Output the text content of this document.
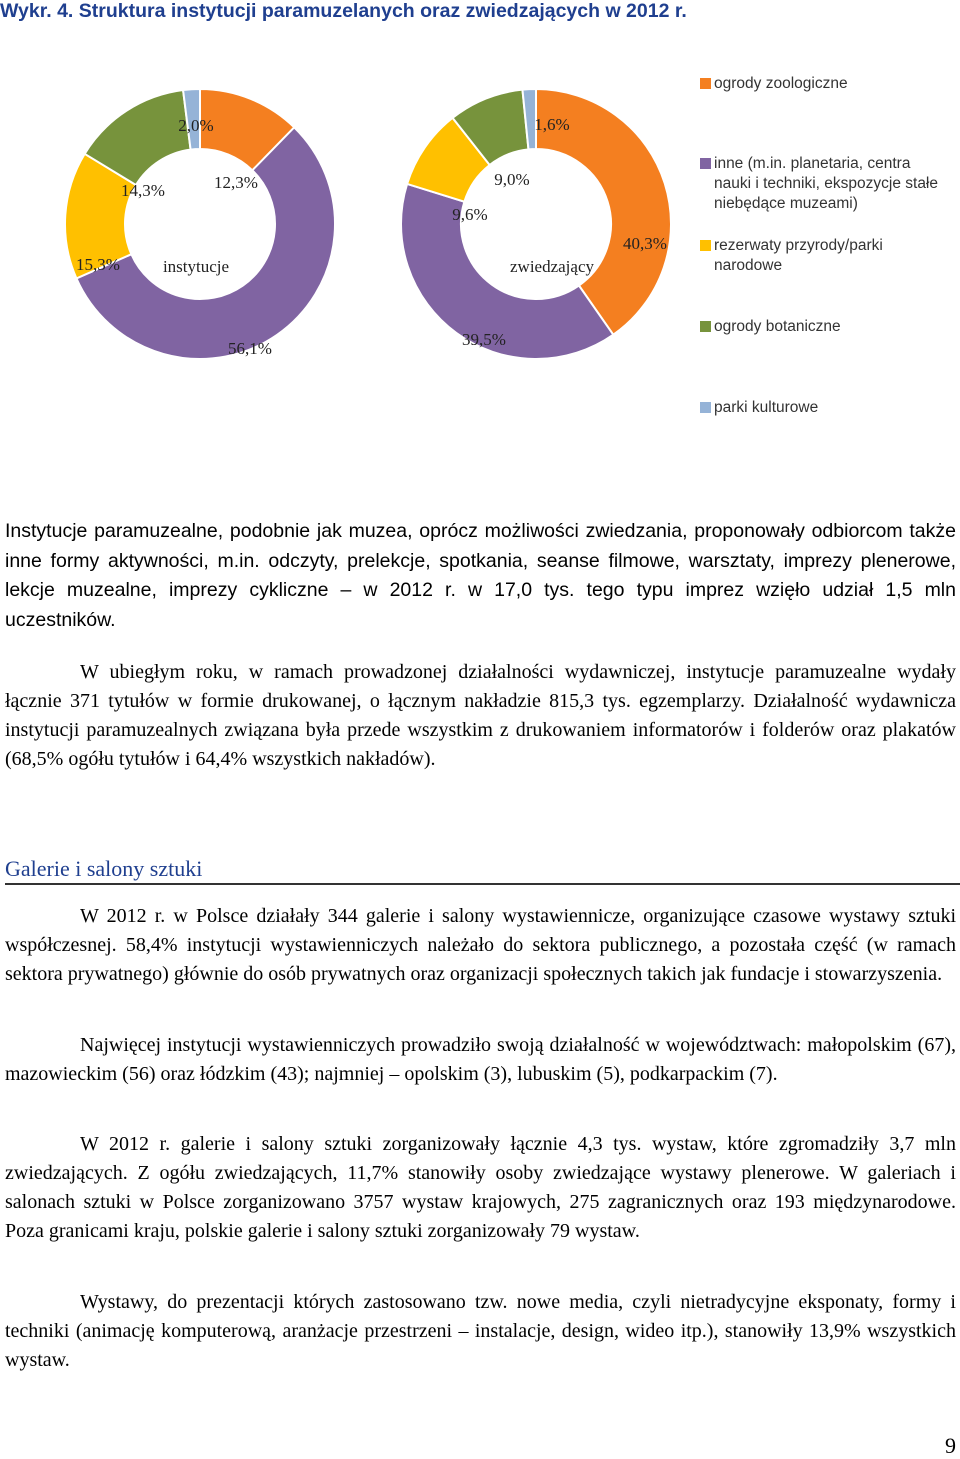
Wykr. 4. Struktura instytucji paramuzelanych oraz zwiedzających w 2012 r.
12,3%
56,1%
15,3%
14,3%
2,0%
instytucje
40,3%
39,5%
9,6%
9,0%
1,6%
zwiedzający
ogrody zoologiczne
inne (m.in. planetaria, centra nauki i techniki, ekspozycje stałe niebędące muzeami)
rezerwaty przyrody/parki narodowe
ogrody botaniczne
parki kulturowe

Instytucje paramuzealne, podobnie jak muzea, oprócz możliwości zwiedzania, proponowały odbiorcom także inne formy aktywności, m.in. odczyty, prelekcje, spotkania, seanse filmowe, warsztaty, imprezy plenerowe, lekcje muzealne, imprezy cykliczne – w 2012 r. w 17,0 tys. tego typu imprez wzięło udział 1,5 mln uczestników.

W ubiegłym roku, w ramach prowadzonej działalności wydawniczej, instytucje paramuzealne wydały łącznie 371 tytułów w formie drukowanej, o łącznym nakładzie 815,3 tys. egzemplarzy. Działalność wydawnicza instytucji paramuzealnych związana była przede wszystkim z drukowaniem informatorów i folderów oraz plakatów (68,5% ogółu tytułów i 64,4% wszystkich nakładów).

Galerie i salony sztuki

W 2012 r. w Polsce działały 344 galerie i salony wystawiennicze, organizujące czasowe wystawy sztuki współczesnej. 58,4% instytucji wystawienniczych należało do sektora publicznego, a pozostała część (w ramach sektora prywatnego) głównie do osób prywatnych oraz organizacji społecznych takich jak fundacje i stowarzyszenia.

Najwięcej instytucji wystawienniczych prowadziło swoją działalność w województwach: małopolskim (67), mazowieckim (56) oraz łódzkim (43); najmniej – opolskim (3), lubuskim (5), podkarpackim (7).

W 2012 r. galerie i salony sztuki zorganizowały łącznie 4,3 tys. wystaw, które zgromadziły 3,7 mln zwiedzających. Z ogółu zwiedzających, 11,7% stanowiły osoby zwiedzające wystawy plenerowe. W galeriach i salonach sztuki w Polsce zorganizowano 3757 wystaw krajowych, 275 zagranicznych oraz 193 międzynarodowe. Poza granicami kraju, polskie galerie i salony sztuki zorganizowały 79 wystaw.

Wystawy, do prezentacji których zastosowano tzw. nowe media, czyli nietradycyjne eksponaty, formy i techniki (animację komputerową, aranżacje przestrzeni – instalacje, design, wideo itp.), stanowiły 13,9% wszystkich wystaw.

9
